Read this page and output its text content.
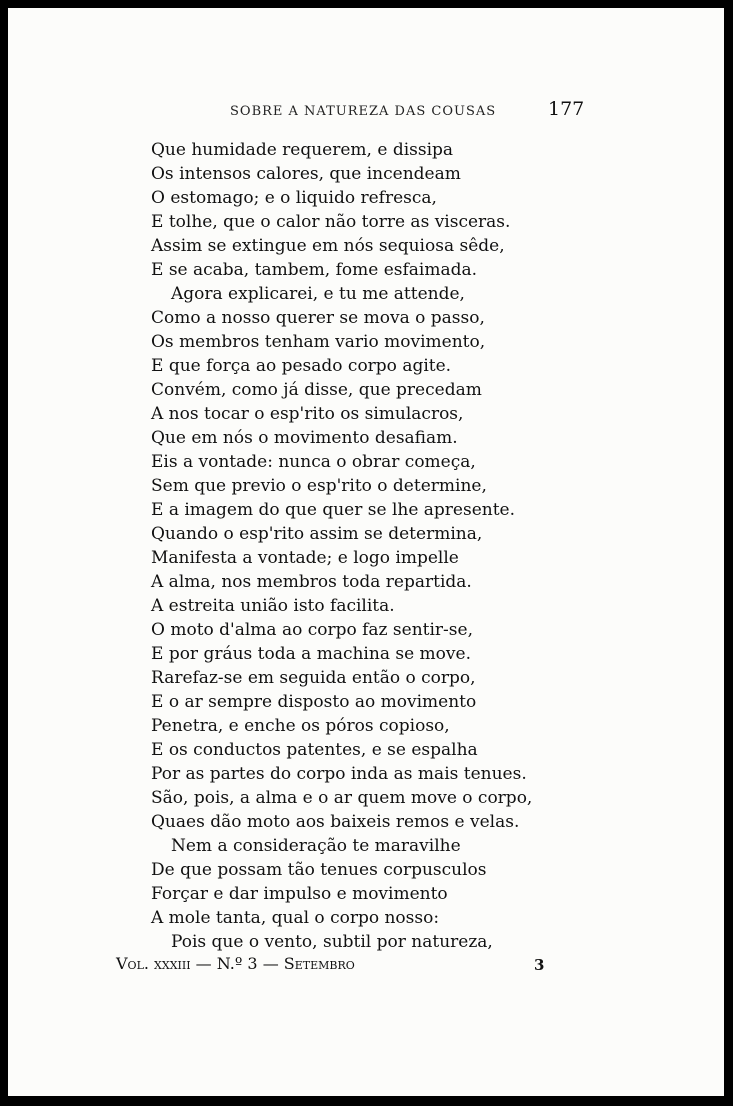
SOBRE A NATUREZA DAS COUSAS	177
Que humidade requerem, e dissipa
Os intensos calores, que incendeam
O estomago; e o liquido refresca,
E tolhe, que o calor não torre as visceras.
Assim se extingue em nós sequiosa sêde,
E se acaba, tambem, fome esfaimada.
Agora explicarei, e tu me attende,
Como a nosso querer se mova o passo,
Os membros tenham vario movimento,
E que força ao pesado corpo agite.
Convém, como já disse, que precedam
A nos tocar o esp'rito os simulacros,
Que em nós o movimento desafiam.
Eis a vontade: nunca o obrar começa,
Sem que previo o esp'rito o determine,
E a imagem do que quer se lhe apresente.
Quando o esp'rito assim se determina,
Manifesta a vontade; e logo impelle
A alma, nos membros toda repartida.
A estreita união isto facilita.
O moto d'alma ao corpo faz sentir-se,
E por gráus toda a machina se move.
Rarefaz-se em seguida então o corpo,
E o ar sempre disposto ao movimento
Penetra, e enche os póros copioso,
E os conductos patentes, e se espalha
Por as partes do corpo inda as mais tenues.
São, pois, a alma e o ar quem move o corpo,
Quaes dão moto aos baixeis remos e velas.
Nem a consideração te maravilhe
De que possam tão tenues corpusculos
Forçar e dar impulso e movimento
A mole tanta, qual o corpo nosso:
Pois que o vento, subtil por natureza,
Vol. xxxiii — N.º 3 — Setembro	3
